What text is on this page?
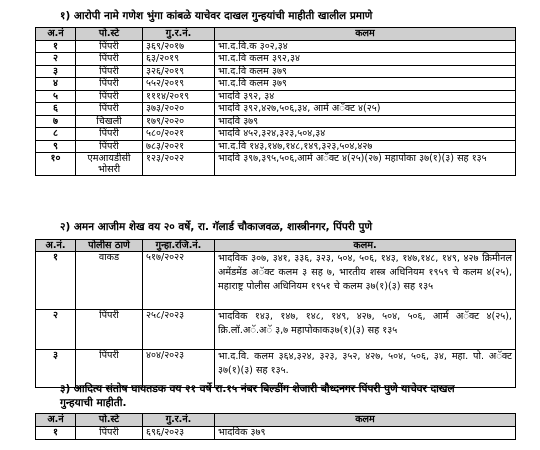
१) आरोपी नामे गणेश भुंगा कांबळे याचेवर दाखल गुन्हयांची माहीती खालील प्रमाणे
अ.नं	पो.स्टे	गु.र.नं.	कलम
१	पिंपरी	३६९/२०१७	भा.द.वि.क ३०२,३४
२	पिंपरी	६३/२०१९	भा.द.वि कलम ३९२,३४
३	पिंपरी	३२६/२०१९	भा.द.वि कलम ३७९
४	पिंपरी	५५२/२०१९	भा.द.वि कलम ३७९
५	पिंपरी	१११४/२०१९	भादवि ३९२, ३४
६	पिंपरी	३७३/२०२०	भादवि ३९२,४२७,५०६,३४, आर्म अॅक्ट ४(२५)
७	चिखली	१७९/२०२०	भादवि ३७९
८	पिंपरी	५८०/२०२१	भादवि ४५२,३२४,३२३,५०४,३४
९	पिंपरी	७८३/२०२१	भा.द.वि १४३,१४७,१४८,१४९,३२३,५०४,४२७
१०	एमआयडीसी भोसरी	१२३/२०२२	भादवि ३९७,३९५,५०६,आर्म अॅक्ट ४(२५)(२७) महापोका ३७(१)(३) सह १३५
२) अमन आजीम शेख वय २० वर्षे, रा. गॅलार्ड चौकाजवळ, शास्त्रीनगर, पिंपरी पुणे
अ.नं.	पोलीस ठाणे	गुन्हा.रजि.नं.	कलम.
१	वाकड	५१७/२०२२	भादविक ३०७, ३४१, ३३६, ३२३, ५०४, ५०६, १४३, १४७,१४८, १४९, ४२७ क्रिमीनल अमेंडमेंड अॅक्ट कलम ३ सह ७, भारतीय शस्त्र अधिनियम १९५९ चे कलम ४(२५), महाराष्ट्र पोलीस अधिनियम १९५१ चे कलम ३७(१)(३) सह १३५
२	पिंपरी	२५८/२०२३	भादविक १४३, १४७, १४८, १४९, ४२७, ५०४, ५०६, आर्म अॅक्ट ४(२५), क्रि.लॉ.अॅ.अॅ ३,७ महापोकाक३७(१)(३) सह १३५
३	पिंपरी	४०४/२०२३	भा.द.वि. कलम ३६४,३२४, ३२३, ३५२, ४२७, ५०४, ५०६, ३४, महा. पो. अॅक्ट ३७(१)(३) सह १३५.
३) आदित्य संतोष घायतडक वय २१ वर्षे रा.१५ नंबर बिल्डींग शेजारी बौध्दनगर पिंपरी पुणे याचेवर दाखल
गुन्हयाची माहीती.
अ.नं	पो.स्टे	गु.र.नं.	कलम
१	पिंपरी	६९६/२०२३	भादविक ३७९
